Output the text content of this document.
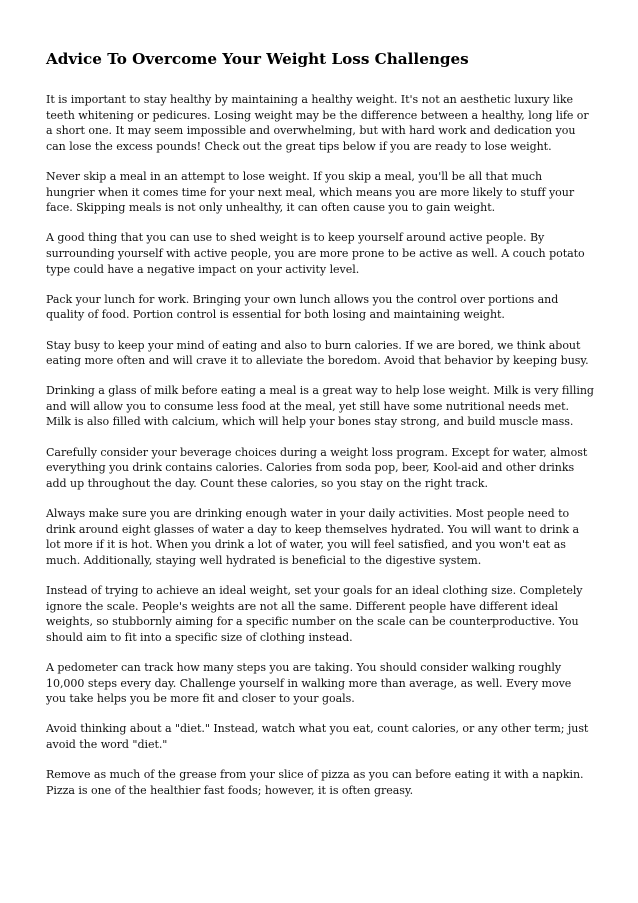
Advice To Overcome Your Weight Loss Challenges

It is important to stay healthy by maintaining a healthy weight. It's not an aesthetic luxury like teeth whitening or pedicures. Losing weight may be the difference between a healthy, long life or a short one. It may seem impossible and overwhelming, but with hard work and dedication you can lose the excess pounds! Check out the great tips below if you are ready to lose weight.

Never skip a meal in an attempt to lose weight. If you skip a meal, you'll be all that much hungrier when it comes time for your next meal, which means you are more likely to stuff your face. Skipping meals is not only unhealthy, it can often cause you to gain weight.

A good thing that you can use to shed weight is to keep yourself around active people. By surrounding yourself with active people, you are more prone to be active as well. A couch potato type could have a negative impact on your activity level.

Pack your lunch for work. Bringing your own lunch allows you the control over portions and quality of food. Portion control is essential for both losing and maintaining weight.

Stay busy to keep your mind of eating and also to burn calories. If we are bored, we think about eating more often and will crave it to alleviate the boredom. Avoid that behavior by keeping busy.

Drinking a glass of milk before eating a meal is a great way to help lose weight. Milk is very filling and will allow you to consume less food at the meal, yet still have some nutritional needs met. Milk is also filled with calcium, which will help your bones stay strong, and build muscle mass.

Carefully consider your beverage choices during a weight loss program. Except for water, almost everything you drink contains calories. Calories from soda pop, beer, Kool-aid and other drinks add up throughout the day. Count these calories, so you stay on the right track.

Always make sure you are drinking enough water in your daily activities. Most people need to drink around eight glasses of water a day to keep themselves hydrated. You will want to drink a lot more if it is hot. When you drink a lot of water, you will feel satisfied, and you won't eat as much. Additionally, staying well hydrated is beneficial to the digestive system.

Instead of trying to achieve an ideal weight, set your goals for an ideal clothing size. Completely ignore the scale. People's weights are not all the same. Different people have different ideal weights, so stubbornly aiming for a specific number on the scale can be counterproductive. You should aim to fit into a specific size of clothing instead.

A pedometer can track how many steps you are taking. You should consider walking roughly 10,000 steps every day. Challenge yourself in walking more than average, as well. Every move you take helps you be more fit and closer to your goals.

Avoid thinking about a "diet." Instead, watch what you eat, count calories, or any other term; just avoid the word "diet."

Remove as much of the grease from your slice of pizza as you can before eating it with a napkin. Pizza is one of the healthier fast foods; however, it is often greasy.
